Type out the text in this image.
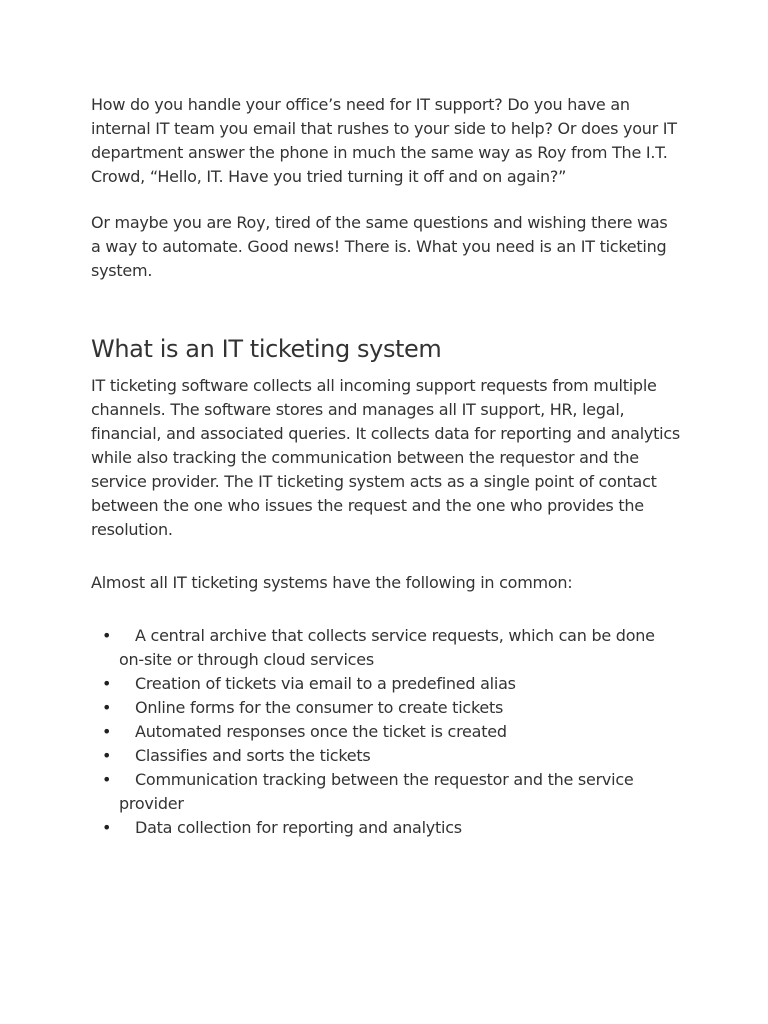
How do you handle your office’s need for IT support? Do you have an internal IT team you email that rushes to your side to help? Or does your IT department answer the phone in much the same way as Roy from The I.T. Crowd, “Hello, IT. Have you tried turning it off and on again?”

Or maybe you are Roy, tired of the same questions and wishing there was a way to automate. Good news! There is. What you need is an IT ticketing system.

What is an IT ticketing system

IT ticketing software collects all incoming support requests from multiple channels. The software stores and manages all IT support, HR, legal, financial, and associated queries. It collects data for reporting and analytics while also tracking the communication between the requestor and the service provider. The IT ticketing system acts as a single point of contact between the one who issues the request and the one who provides the resolution.

Almost all IT ticketing systems have the following in common:

•	A central archive that collects service requests, which can be done on-site or through cloud services
•	Creation of tickets via email to a predefined alias
•	Online forms for the consumer to create tickets
•	Automated responses once the ticket is created
•	Classifies and sorts the tickets
•	Communication tracking between the requestor and the service provider
•	Data collection for reporting and analytics
